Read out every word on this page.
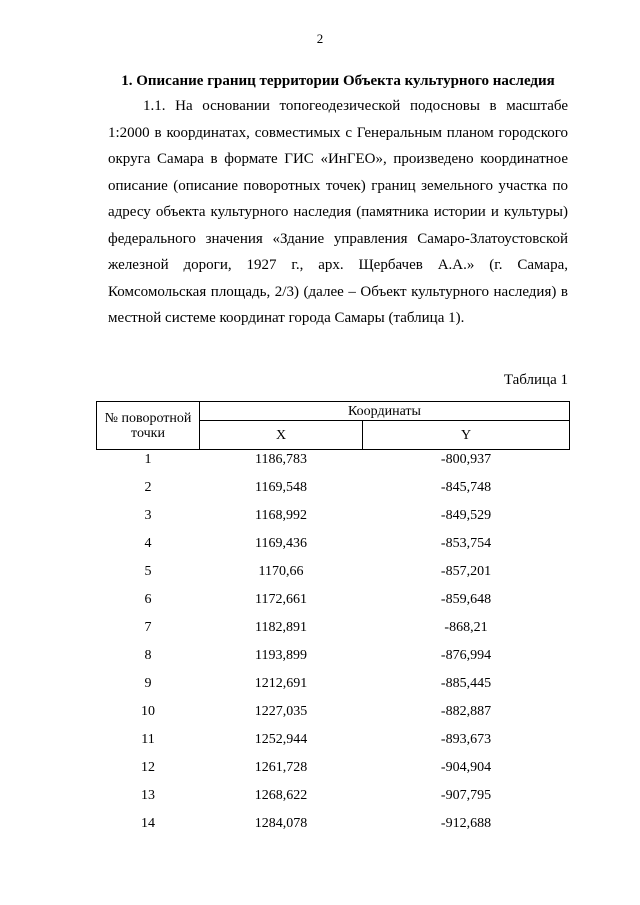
2
1. Описание границ территории Объекта культурного наследия

1.1. На основании топогеодезической подосновы в масштабе 1:2000 в координатах, совместимых с Генеральным планом городского округа Самара в формате ГИС «ИнГЕО», произведено координатное описание (описание поворотных точек) границ земельного участка по адресу объекта культурного наследия (памятника истории и культуры) федерального значения «Здание управления Самаро-Златоустовской железной дороги, 1927 г., арх. Щербачев А.А.» (г. Самара, Комсомольская площадь, 2/3) (далее – Объект культурного наследия) в местной системе координат города Самары (таблица 1).

Таблица 1
№ поворотной точки	Координаты	
	X	Y
1	1186,783	-800,937
2	1169,548	-845,748
3	1168,992	-849,529
4	1169,436	-853,754
5	1170,66	-857,201
6	1172,661	-859,648
7	1182,891	-868,21
8	1193,899	-876,994
9	1212,691	-885,445
10	1227,035	-882,887
11	1252,944	-893,673
12	1261,728	-904,904
13	1268,622	-907,795
14	1284,078	-912,688
